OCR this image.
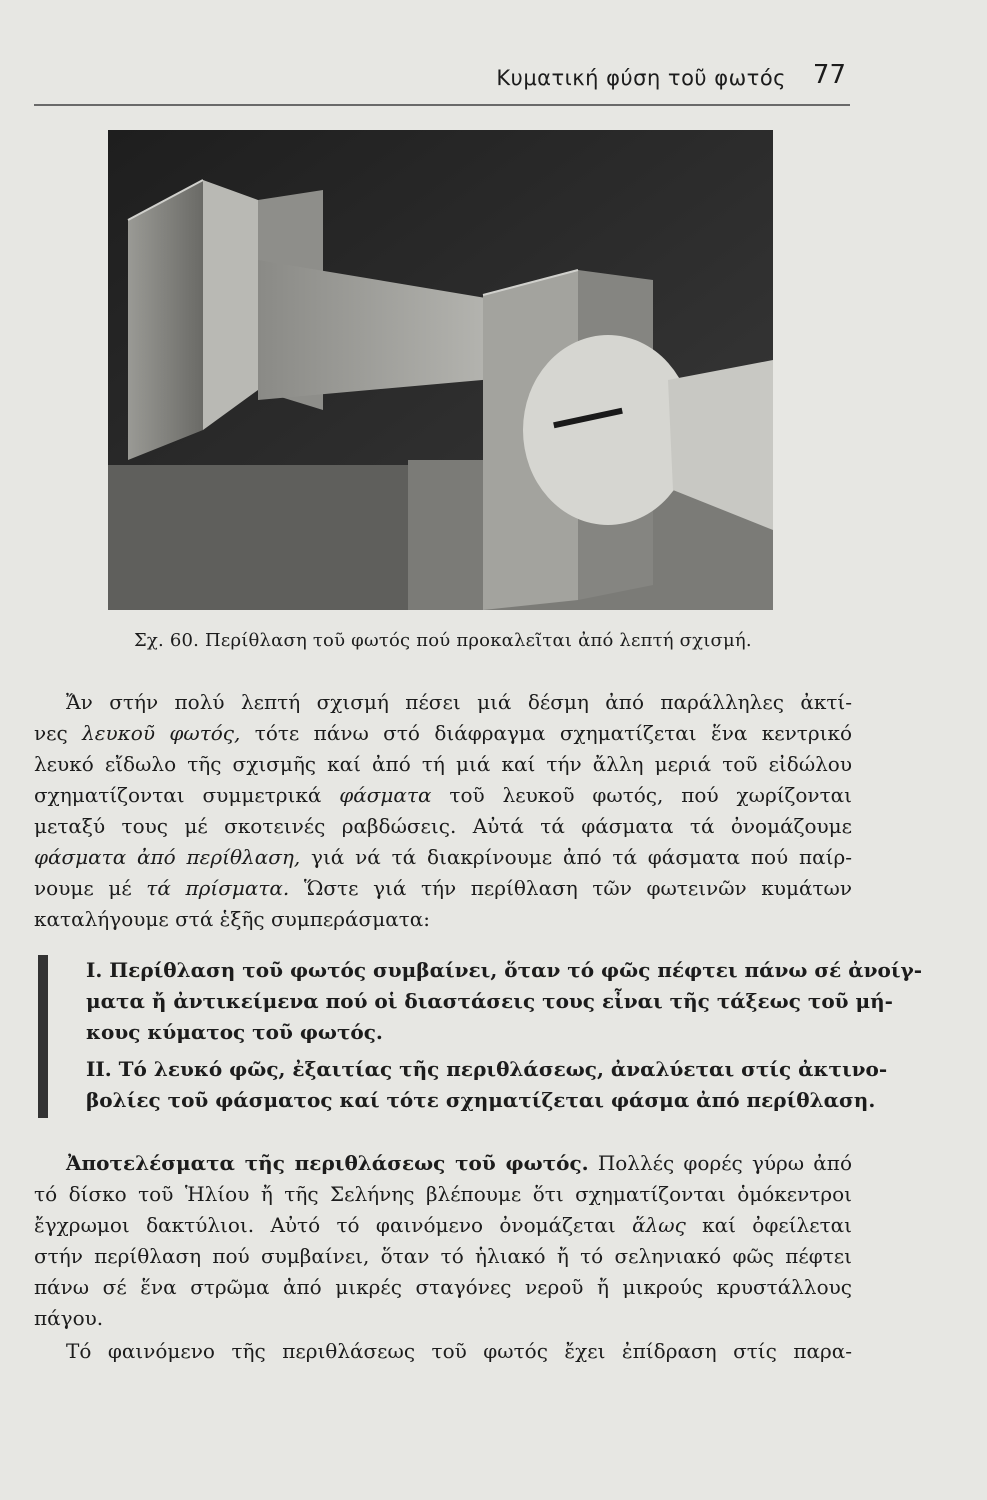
Κυματική φύση τοῦ φωτός 77
Σχ. 60. Περίθλαση τοῦ φωτός πού προκαλεῖται ἀπό λεπτή σχισμή.

Ἄν στήν πολύ λεπτή σχισμή πέσει μιά δέσμη ἀπό παράλληλες ἀκτί-
νες λευκοῦ φωτός, τότε πάνω στό διάφραγμα σχηματίζεται ἕνα κεντρικό
λευκό εἴδωλο τῆς σχισμῆς καί ἀπό τή μιά καί τήν ἄλλη μεριά τοῦ εἰδώλου
σχηματίζονται συμμετρικά φάσματα τοῦ λευκοῦ φωτός, πού χωρίζονται
μεταξύ τους μέ σκοτεινές ραβδώσεις. Αὐτά τά φάσματα τά ὀνομάζουμε
φάσματα ἀπό περίθλαση, γιά νά τά διακρίνουμε ἀπό τά φάσματα πού παίρ-
νουμε μέ τά πρίσματα. Ὥστε γιά τήν περίθλαση τῶν φωτεινῶν κυμάτων
καταλήγουμε στά ἑξῆς συμπεράσματα:

I. Περίθλαση τοῦ φωτός συμβαίνει, ὅταν τό φῶς πέφτει πάνω σέ ἀνοίγ-
ματα ἤ ἀντικείμενα πού οἱ διαστάσεις τους εἶναι τῆς τάξεως τοῦ μή-
κους κύματος τοῦ φωτός.

II. Τό λευκό φῶς, ἐξαιτίας τῆς περιθλάσεως, ἀναλύεται στίς ἀκτινο-
βολίες τοῦ φάσματος καί τότε σχηματίζεται φάσμα ἀπό περίθλαση.

Ἀποτελέσματα τῆς περιθλάσεως τοῦ φωτός. Πολλές φορές γύρω ἀπό
τό δίσκο τοῦ Ἡλίου ἤ τῆς Σελήνης βλέπουμε ὅτι σχηματίζονται ὁμόκεντροι
ἔγχρωμοι δακτύλιοι. Αὐτό τό φαινόμενο ὀνομάζεται ἅλως καί ὀφείλεται
στήν περίθλαση πού συμβαίνει, ὅταν τό ἡλιακό ἤ τό σεληνιακό φῶς πέφτει
πάνω σέ ἕνα στρῶμα ἀπό μικρές σταγόνες νεροῦ ἤ μικρούς κρυστάλλους
πάγου.

Τό φαινόμενο τῆς περιθλάσεως τοῦ φωτός ἔχει ἐπίδραση στίς παρα-
